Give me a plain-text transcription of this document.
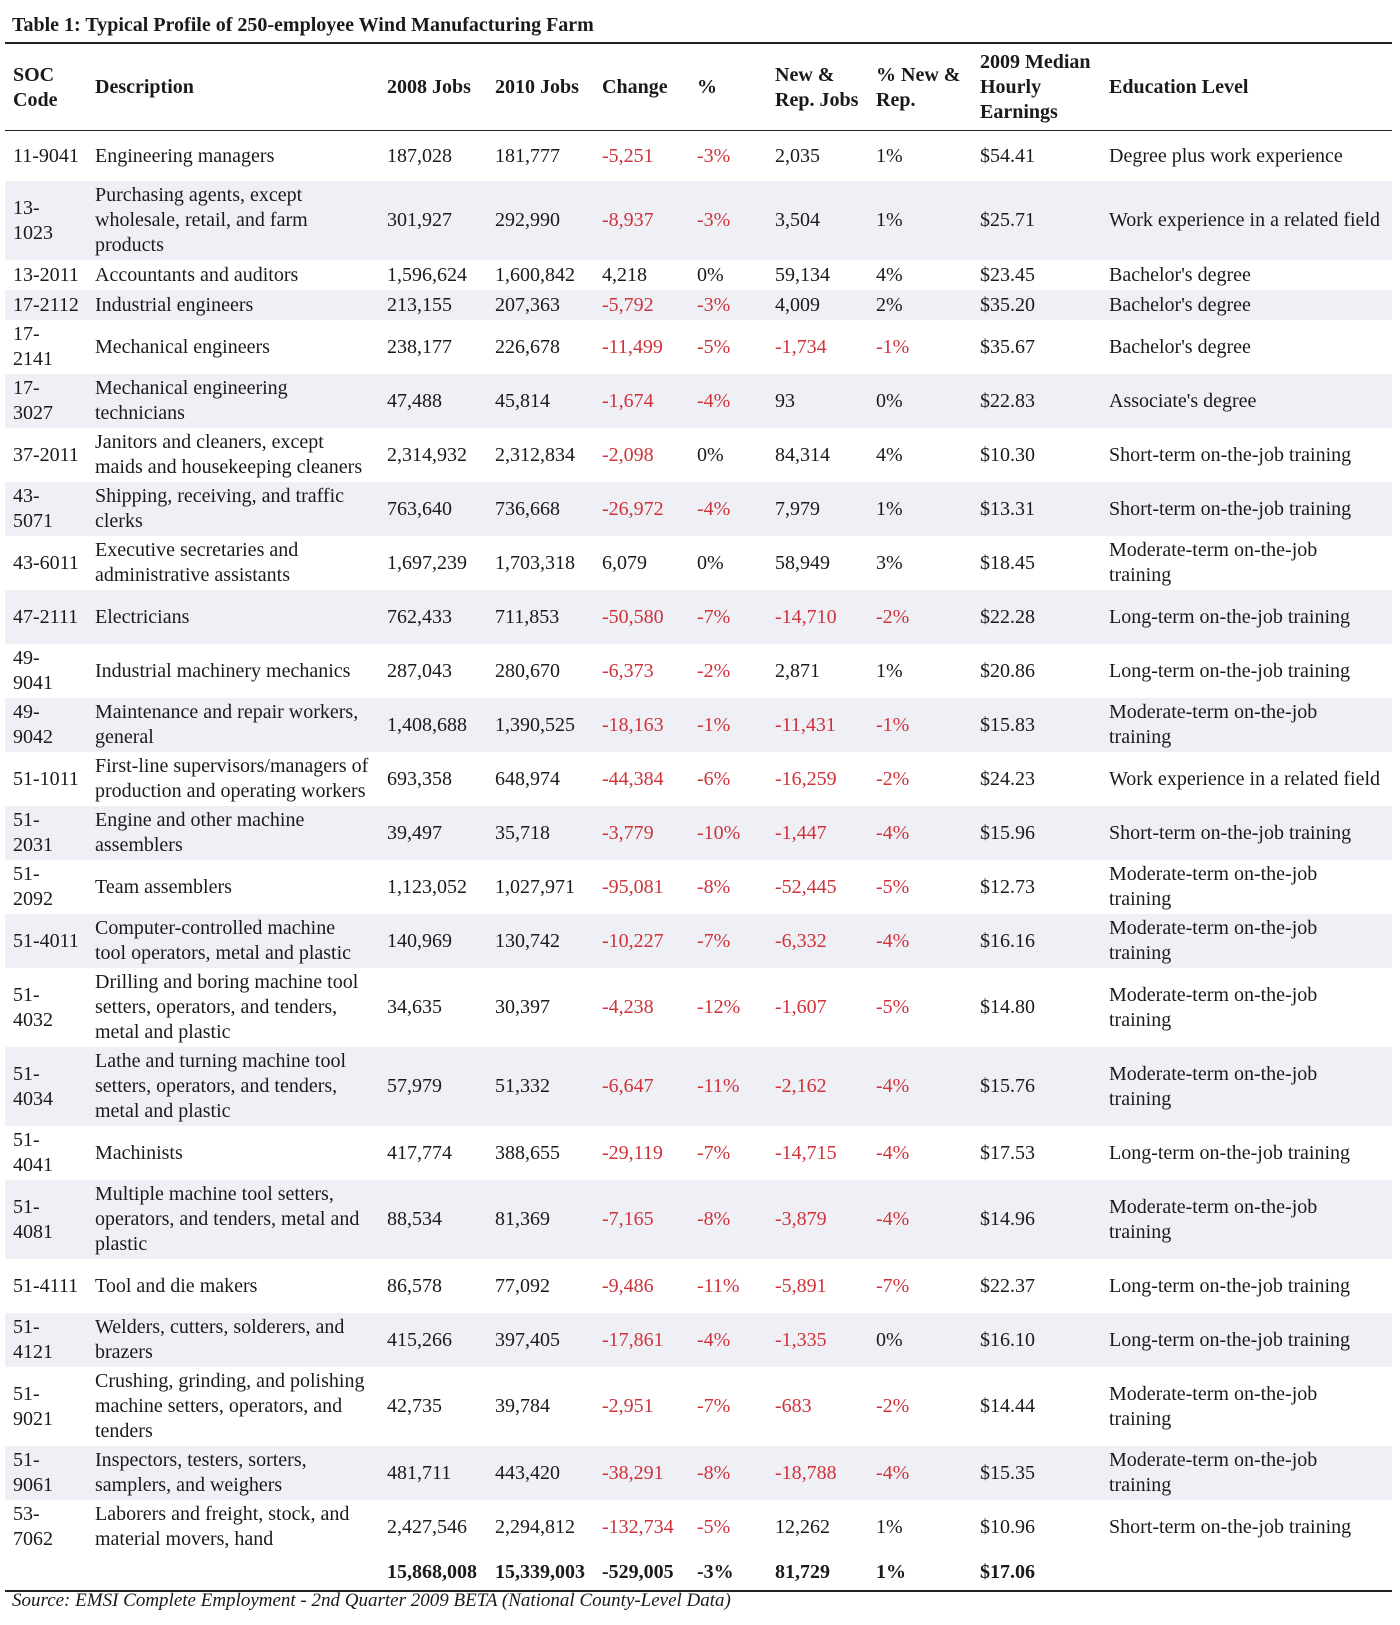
Table 1: Typical Profile of 250-employee Wind Manufacturing Farm
SOC Code	Description	2008 Jobs	2010 Jobs	Change	%	New & Rep. Jobs	% New & Rep.	2009 Median Hourly Earnings	Education Level
11-9041	Engineering managers	187,028	181,777	-5,251	-3%	2,035	1%	$54.41	Degree plus work experience
13-1023	Purchasing agents, except wholesale, retail, and farm products	301,927	292,990	-8,937	-3%	3,504	1%	$25.71	Work experience in a related field
13-2011	Accountants and auditors	1,596,624	1,600,842	4,218	0%	59,134	4%	$23.45	Bachelor's degree
17-2112	Industrial engineers	213,155	207,363	-5,792	-3%	4,009	2%	$35.20	Bachelor's degree
17-2141	Mechanical engineers	238,177	226,678	-11,499	-5%	-1,734	-1%	$35.67	Bachelor's degree
17-3027	Mechanical engineering technicians	47,488	45,814	-1,674	-4%	93	0%	$22.83	Associate's degree
37-2011	Janitors and cleaners, except maids and housekeeping cleaners	2,314,932	2,312,834	-2,098	0%	84,314	4%	$10.30	Short-term on-the-job training
43-5071	Shipping, receiving, and traffic clerks	763,640	736,668	-26,972	-4%	7,979	1%	$13.31	Short-term on-the-job training
43-6011	Executive secretaries and administrative assistants	1,697,239	1,703,318	6,079	0%	58,949	3%	$18.45	Moderate-term on-the-job training
47-2111	Electricians	762,433	711,853	-50,580	-7%	-14,710	-2%	$22.28	Long-term on-the-job training
49-9041	Industrial machinery mechanics	287,043	280,670	-6,373	-2%	2,871	1%	$20.86	Long-term on-the-job training
49-9042	Maintenance and repair workers, general	1,408,688	1,390,525	-18,163	-1%	-11,431	-1%	$15.83	Moderate-term on-the-job training
51-1011	First-line supervisors/managers of production and operating workers	693,358	648,974	-44,384	-6%	-16,259	-2%	$24.23	Work experience in a related field
51-2031	Engine and other machine assemblers	39,497	35,718	-3,779	-10%	-1,447	-4%	$15.96	Short-term on-the-job training
51-2092	Team assemblers	1,123,052	1,027,971	-95,081	-8%	-52,445	-5%	$12.73	Moderate-term on-the-job training
51-4011	Computer-controlled machine tool operators, metal and plastic	140,969	130,742	-10,227	-7%	-6,332	-4%	$16.16	Moderate-term on-the-job training
51-4032	Drilling and boring machine tool setters, operators, and tenders, metal and plastic	34,635	30,397	-4,238	-12%	-1,607	-5%	$14.80	Moderate-term on-the-job training
51-4034	Lathe and turning machine tool setters, operators, and tenders, metal and plastic	57,979	51,332	-6,647	-11%	-2,162	-4%	$15.76	Moderate-term on-the-job training
51-4041	Machinists	417,774	388,655	-29,119	-7%	-14,715	-4%	$17.53	Long-term on-the-job training
51-4081	Multiple machine tool setters, operators, and tenders, metal and plastic	88,534	81,369	-7,165	-8%	-3,879	-4%	$14.96	Moderate-term on-the-job training
51-4111	Tool and die makers	86,578	77,092	-9,486	-11%	-5,891	-7%	$22.37	Long-term on-the-job training
51-4121	Welders, cutters, solderers, and brazers	415,266	397,405	-17,861	-4%	-1,335	0%	$16.10	Long-term on-the-job training
51-9021	Crushing, grinding, and polishing machine setters, operators, and tenders	42,735	39,784	-2,951	-7%	-683	-2%	$14.44	Moderate-term on-the-job training
51-9061	Inspectors, testers, sorters, samplers, and weighers	481,711	443,420	-38,291	-8%	-18,788	-4%	$15.35	Moderate-term on-the-job training
53-7062	Laborers and freight, stock, and material movers, hand	2,427,546	2,294,812	-132,734	-5%	12,262	1%	$10.96	Short-term on-the-job training
		15,868,008	15,339,003	-529,005	-3%	81,729	1%	$17.06	
Source: EMSI Complete Employment - 2nd Quarter 2009 BETA (National County-Level Data)
